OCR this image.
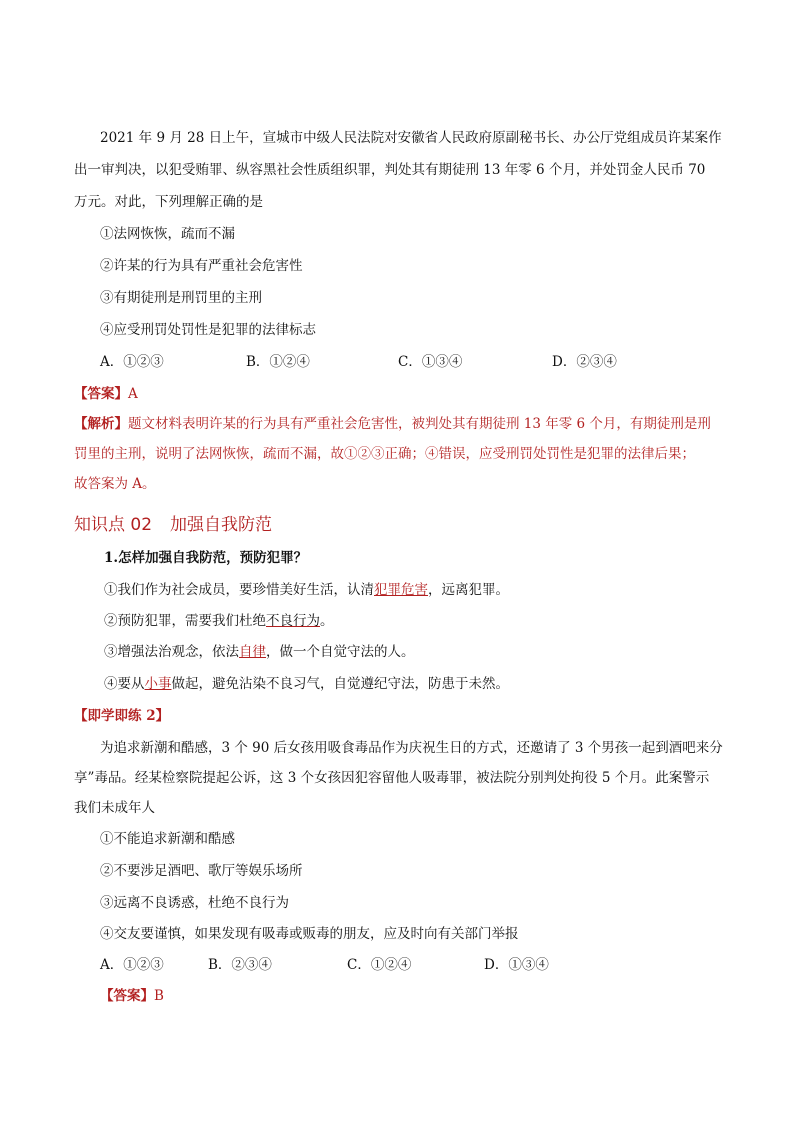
2021 年 9 月 28 日上午，宣城市中级人民法院对安徽省人民政府原副秘书长、办公厅党组成员许某案作
出一审判决，以犯受贿罪、纵容黑社会性质组织罪，判处其有期徒刑 13 年零 6 个月，并处罚金人民币 70
万元。对此，下列理解正确的是
①法网恢恢，疏而不漏
②许某的行为具有严重社会危害性
③有期徒刑是刑罚里的主刑
④应受刑罚处罚性是犯罪的法律标志
A．①②③	B．①②④	C．①③④	D．②③④
【答案】A
【解析】题文材料表明许某的行为具有严重社会危害性，被判处其有期徒刑 13 年零 6 个月，有期徒刑是刑
罚里的主刑，说明了法网恢恢，疏而不漏，故①②③正确；④错误，应受刑罚处罚性是犯罪的法律后果；
故答案为 A。
知识点 02 加强自我防范
1.怎样加强自我防范，预防犯罪？
①我们作为社会成员，要珍惜美好生活，认清犯罪危害，远离犯罪。
②预防犯罪，需要我们杜绝不良行为。
③增强法治观念，依法自律，做一个自觉守法的人。
④要从小事做起，避免沾染不良习气，自觉遵纪守法，防患于未然。
【即学即练 2】
为追求新潮和酷感，3 个 90 后女孩用吸食毒品作为庆祝生日的方式，还邀请了 3 个男孩一起到酒吧来分
享”毒品。经某检察院提起公诉，这 3 个女孩因犯容留他人吸毒罪，被法院分别判处拘役 5 个月。此案警示
我们未成年人
①不能追求新潮和酷感
②不要涉足酒吧、歌厅等娱乐场所
③远离不良诱惑，杜绝不良行为
④交友要谨慎，如果发现有吸毒或贩毒的朋友，应及时向有关部门举报
A．①②③	B．②③④	C．①②④	D．①③④
【答案】B
